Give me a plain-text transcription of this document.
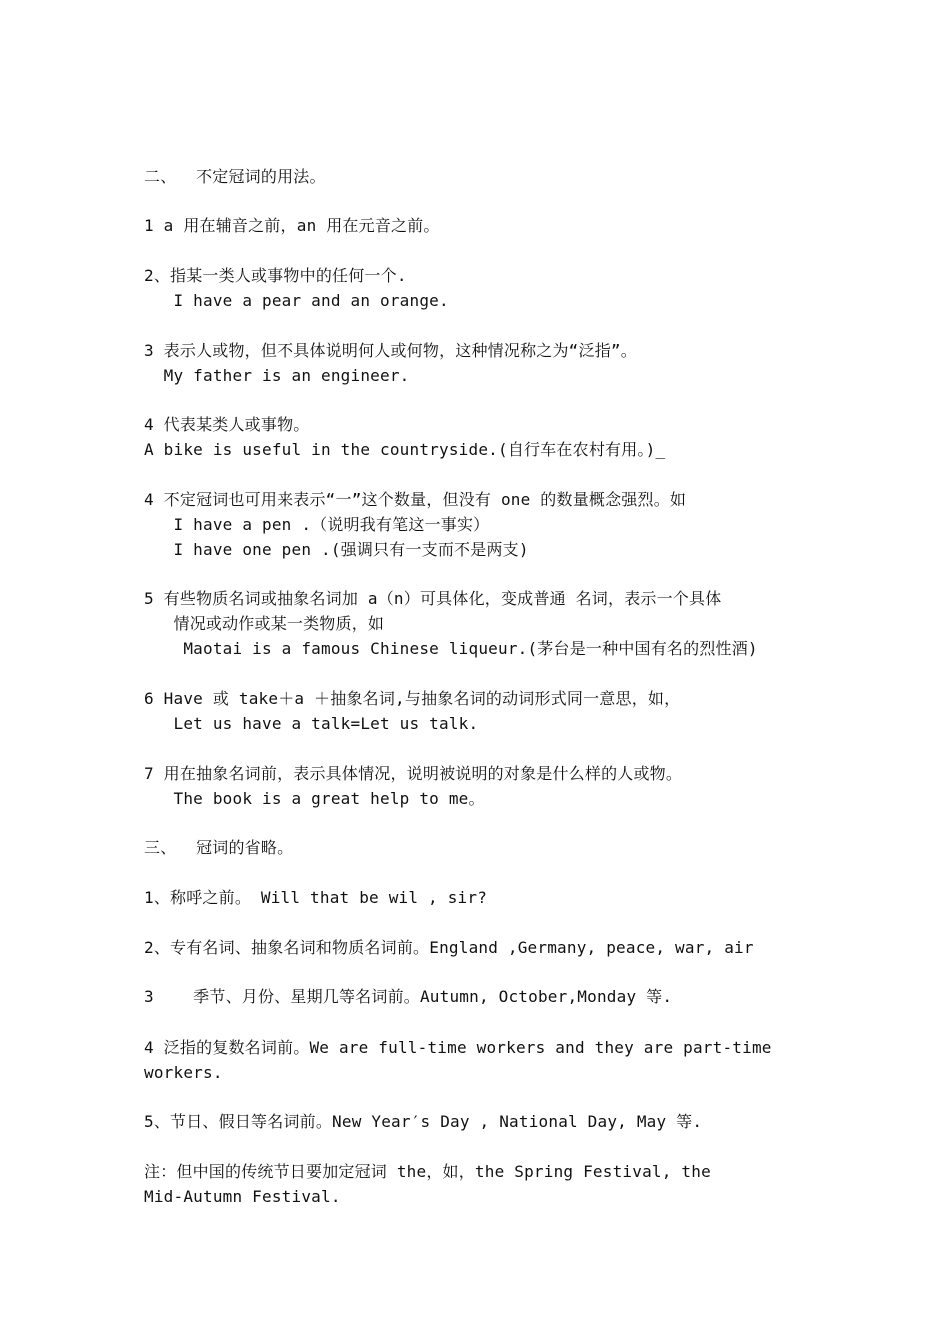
二、  不定冠词的用法。
1 a 用在辅音之前，an 用在元音之前。
2、指某一类人或事物中的任何一个.
I have a pear and an orange.
3 表示人或物，但不具体说明何人或何物，这种情况称之为“泛指”。
My father is an engineer.
4 代表某类人或事物。
A bike is useful in the countryside.(自行车在农村有用。)_
4 不定冠词也可用来表示“一”这个数量，但没有 one 的数量概念强烈。如
I have a pen .（说明我有笔这一事实）
I have one pen .(强调只有一支而不是两支)
5 有些物质名词或抽象名词加 a（n）可具体化，变成普通 名词，表示一个具体
情况或动作或某一类物质，如
Maotai is a famous Chinese liqueur.(茅台是一种中国有名的烈性酒)
6 Have 或 take＋a ＋抽象名词,与抽象名词的动词形式同一意思，如，
Let us have a talk=Let us talk.
7 用在抽象名词前，表示具体情况，说明被说明的对象是什么样的人或物。
The book is a great help to me。
三、  冠词的省略。
1、称呼之前。 Will that be wil , sir?
2、专有名词、抽象名词和物质名词前。England ,Germany, peace, war, air
3    季节、月份、星期几等名词前。Autumn, October,Monday 等.
4 泛指的复数名词前。We are full-time workers and they are part-time
workers.
5、节日、假日等名词前。New Year′s Day , National Day, May 等.
注：但中国的传统节日要加定冠词 the，如，the Spring Festival, the
Mid-Autumn Festival.
